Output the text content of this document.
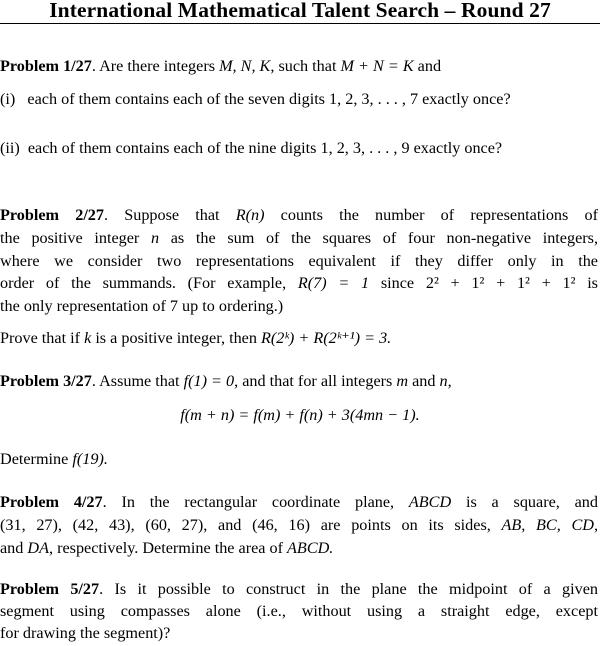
International Mathematical Talent Search – Round 27
Problem 1/27. Are there integers M, N, K, such that M + N = K and
(i) each of them contains each of the seven digits 1, 2, 3, . . . , 7 exactly once?
(ii) each of them contains each of the nine digits 1, 2, 3, . . . , 9 exactly once?
Problem 2/27. Suppose that R(n) counts the number of representations of
the positive integer n as the sum of the squares of four non-negative integers,
where we consider two representations equivalent if they differ only in the
order of the summands. (For example, R(7) = 1 since 2² + 1² + 1² + 1² is
the only representation of 7 up to ordering.)
Prove that if k is a positive integer, then R(2ᵏ) + R(2ᵏ⁺¹) = 3.
Problem 3/27. Assume that f(1) = 0, and that for all integers m and n,
f(m + n) = f(m) + f(n) + 3(4mn − 1).
Determine f(19).
Problem 4/27. In the rectangular coordinate plane, ABCD is a square, and
(31, 27), (42, 43), (60, 27), and (46, 16) are points on its sides, AB, BC, CD,
and DA, respectively. Determine the area of ABCD.
Problem 5/27. Is it possible to construct in the plane the midpoint of a given
segment using compasses alone (i.e., without using a straight edge, except
for drawing the segment)?
